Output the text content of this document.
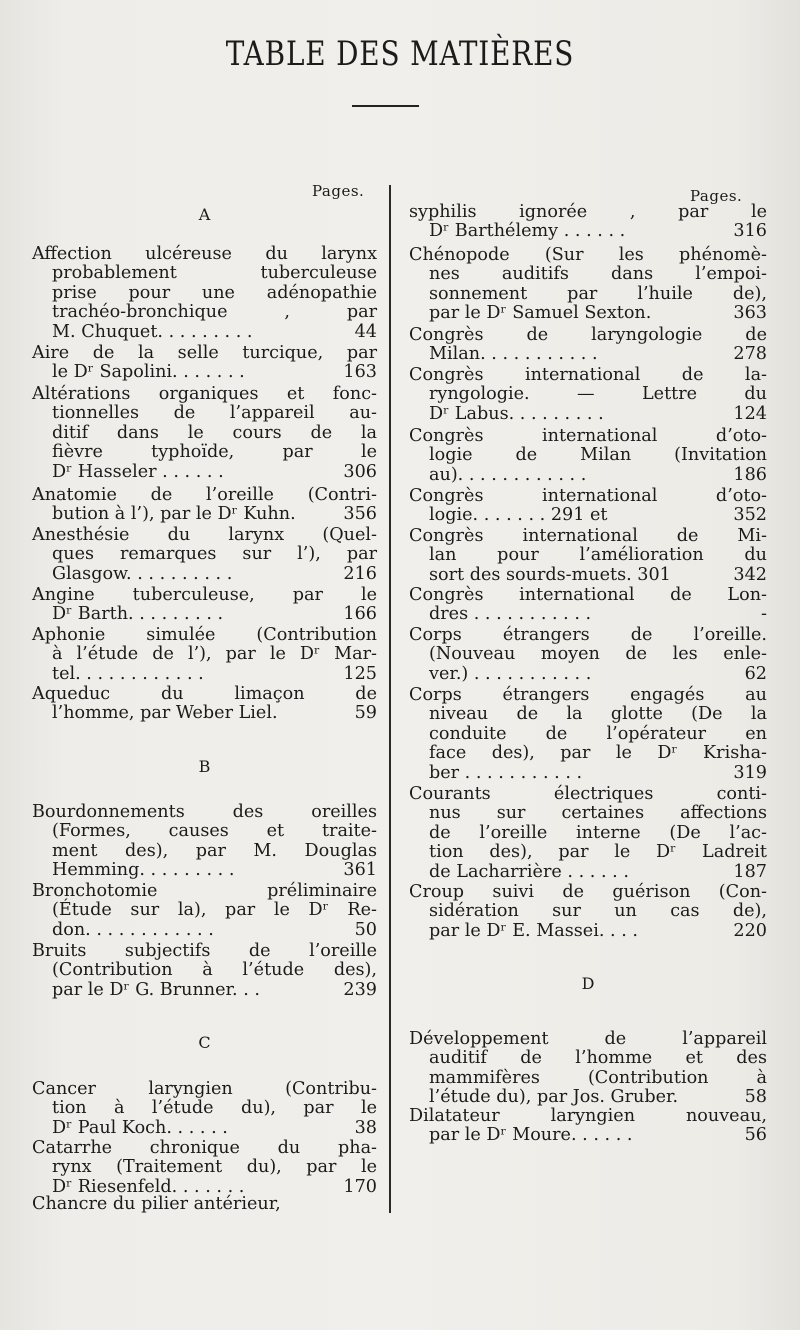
TABLE DES MATIÈRES
Pages.	Pages.
A
B
C
Affection ulcéreuse du larynx
probablement tuberculeuse
prise pour une adénopathie
trachéo-bronchique , par
M. Chuquet. . . . . . . . .	44
Aire de la selle turcique, par
le Dʳ Sapolini. . . . . . .	163
Altérations organiques et fonc-
tionnelles de l’appareil au-
ditif dans le cours de la
fièvre typhoïde, par le
Dʳ Hasseler . . . . . .	306
Anatomie de l’oreille (Contri-
bution à l’), par le Dʳ Kuhn.	356
Anesthésie du larynx (Quel-
ques remarques sur l’), par
Glasgow. . . . . . . . . .	216
Angine tuberculeuse, par le
Dʳ Barth. . . . . . . . .	166
Aphonie simulée (Contribution
à l’étude de l’), par le Dʳ Mar-
tel. . . . . . . . . . . .	125
Aqueduc du limaçon de
l’homme, par Weber Liel.	59
Bourdonnements des oreilles
(Formes, causes et traite-
ment des), par M. Douglas
Hemming. . . . . . . . .	361
Bronchotomie préliminaire
(Étude sur la), par le Dʳ Re-
don. . . . . . . . . . . .	50
Bruits subjectifs de l’oreille
(Contribution à l’étude des),
par le Dʳ G. Brunner. . .	239
Cancer laryngien (Contribu-
tion à l’étude du), par le
Dʳ Paul Koch. . . . . .	38
Catarrhe chronique du pha-
rynx (Traitement du), par le
Dʳ Riesenfeld. . . . . . .	170
Chancre du pilier antérieur,
D
syphilis ignorée , par le
Dʳ Barthélemy . . . . . .	316
Chénopode (Sur les phénomè-
nes auditifs dans l’empoi-
sonnement par l’huile de),
par le Dʳ Samuel Sexton.	363
Congrès de laryngologie de
Milan. . . . . . . . . . .	278
Congrès international de la-
ryngologie. — Lettre du
Dʳ Labus. . . . . . . . .	124
Congrès international d’oto-
logie de Milan (Invitation
au). . . . . . . . . . . .	186
Congrès international d’oto-
logie. . . . . . . 291 et	352
Congrès international de Mi-
lan pour l’amélioration du
sort des sourds-muets. 301	342
Congrès international de Lon-
dres . . . . . . . . . . .	-
Corps étrangers de l’oreille.
(Nouveau moyen de les enle-
ver.) . . . . . . . . . . .	62
Corps étrangers engagés au
niveau de la glotte (De la
conduite de l’opérateur en
face des), par le Dʳ Krisha-
ber . . . . . . . . . . .	319
Courants électriques conti-
nus sur certaines affections
de l’oreille interne (De l’ac-
tion des), par le Dʳ Ladreit
de Lacharrière . . . . . .	187
Croup suivi de guérison (Con-
sidération sur un cas de),
par le Dʳ E. Massei. . . .	220
Développement de l’appareil
auditif de l’homme et des
mammifères (Contribution à
l’étude du), par Jos. Gruber.	58
Dilatateur laryngien nouveau,
par le Dʳ Moure. . . . . .	56
